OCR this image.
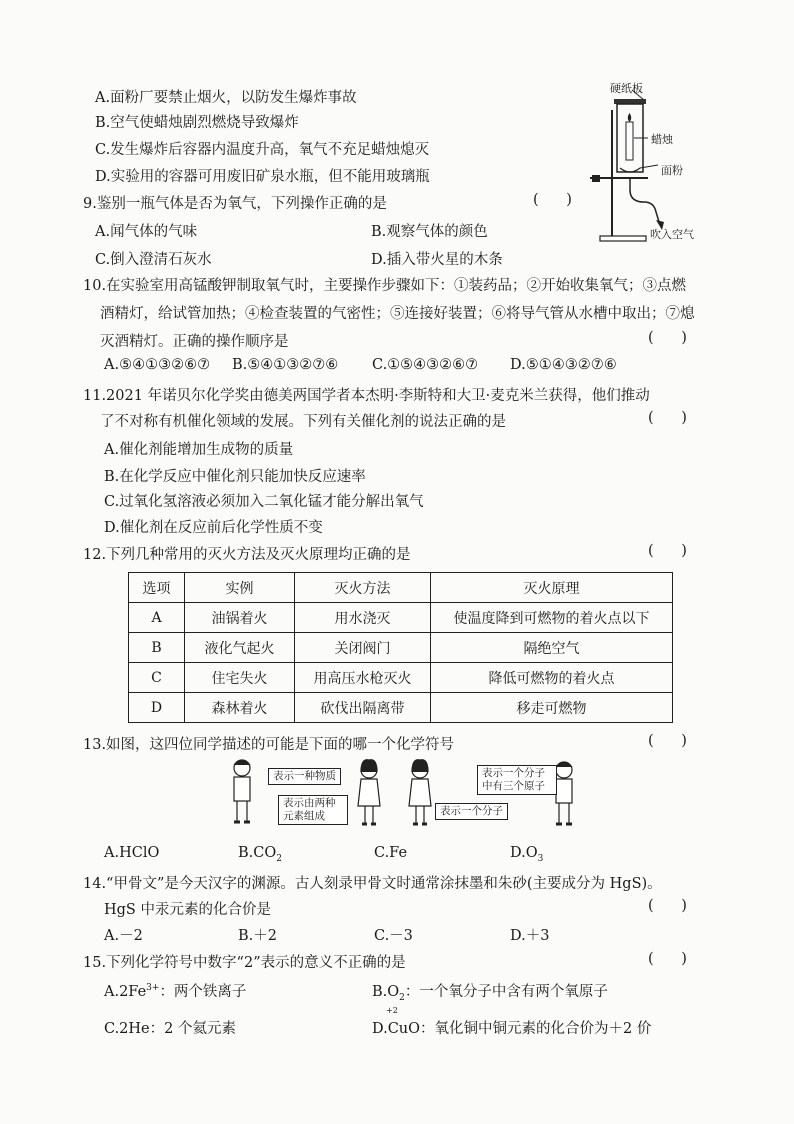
A.面粉厂要禁止烟火，以防发生爆炸事故
B.空气使蜡烛剧烈燃烧导致爆炸
C.发生爆炸后容器内温度升高，氧气不充足蜡烛熄灭
D.实验用的容器可用废旧矿泉水瓶，但不能用玻璃瓶
硬纸板
蜡烛
面粉
吹入空气
9.鉴别一瓶气体是否为氧气，下列操作正确的是	(      )
A.闻气体的气味	B.观察气体的颜色
C.倒入澄清石灰水	D.插入带火星的木条
10.在实验室用高锰酸钾制取氧气时，主要操作步骤如下：①装药品；②开始收集氧气；③点燃
酒精灯，给试管加热；④检查装置的气密性；⑤连接好装置；⑥将导气管从水槽中取出；⑦熄
灭酒精灯。正确的操作顺序是	(      )
A.⑤④①③②⑥⑦ B.⑤④①③②⑦⑥ C.①⑤④③②⑥⑦ D.⑤①④③②⑦⑥
11.2021 年诺贝尔化学奖由德美两国学者本杰明·李斯特和大卫·麦克米兰获得，他们推动
了不对称有机催化领域的发展。下列有关催化剂的说法正确的是	(      )
A.催化剂能增加生成物的质量
B.在化学反应中催化剂只能加快反应速率
C.过氧化氢溶液必须加入二氧化锰才能分解出氧气
D.催化剂在反应前后化学性质不变
12.下列几种常用的灭火方法及灭火原理均正确的是	(      )
选项	实例	灭火方法	灭火原理
A	油锅着火	用水浇灭	使温度降到可燃物的着火点以下
B	液化气起火	关闭阀门	隔绝空气
C	住宅失火	用高压水枪灭火	降低可燃物的着火点
D	森林着火	砍伐出隔离带	移走可燃物
13.如图，这四位同学描述的可能是下面的哪一个化学符号	(      )
表示一种物质
表示由两种元素组成	表示一个分子
表示一个分子中有三个原子
A.HClO	$B.CO_2$	C.Fe	$D.O_3$
14.“甲骨文”是今天汉字的渊源。古人刻录甲骨文时通常涂抹墨和朱砂(主要成分为 HgS)。
HgS 中汞元素的化合价是	(      )
A.－2	B.＋2	C.－3	D.＋3
15.下列化学符号中数字“2”表示的意义不正确的是	(      )
$A.2Fe^{3+}$：两个铁离子	$B.O_2$：一个氧分子中含有两个氧原子
C.2He：2 个氦元素
+2
D.CuO：氧化铜中铜元素的化合价为＋2 价
